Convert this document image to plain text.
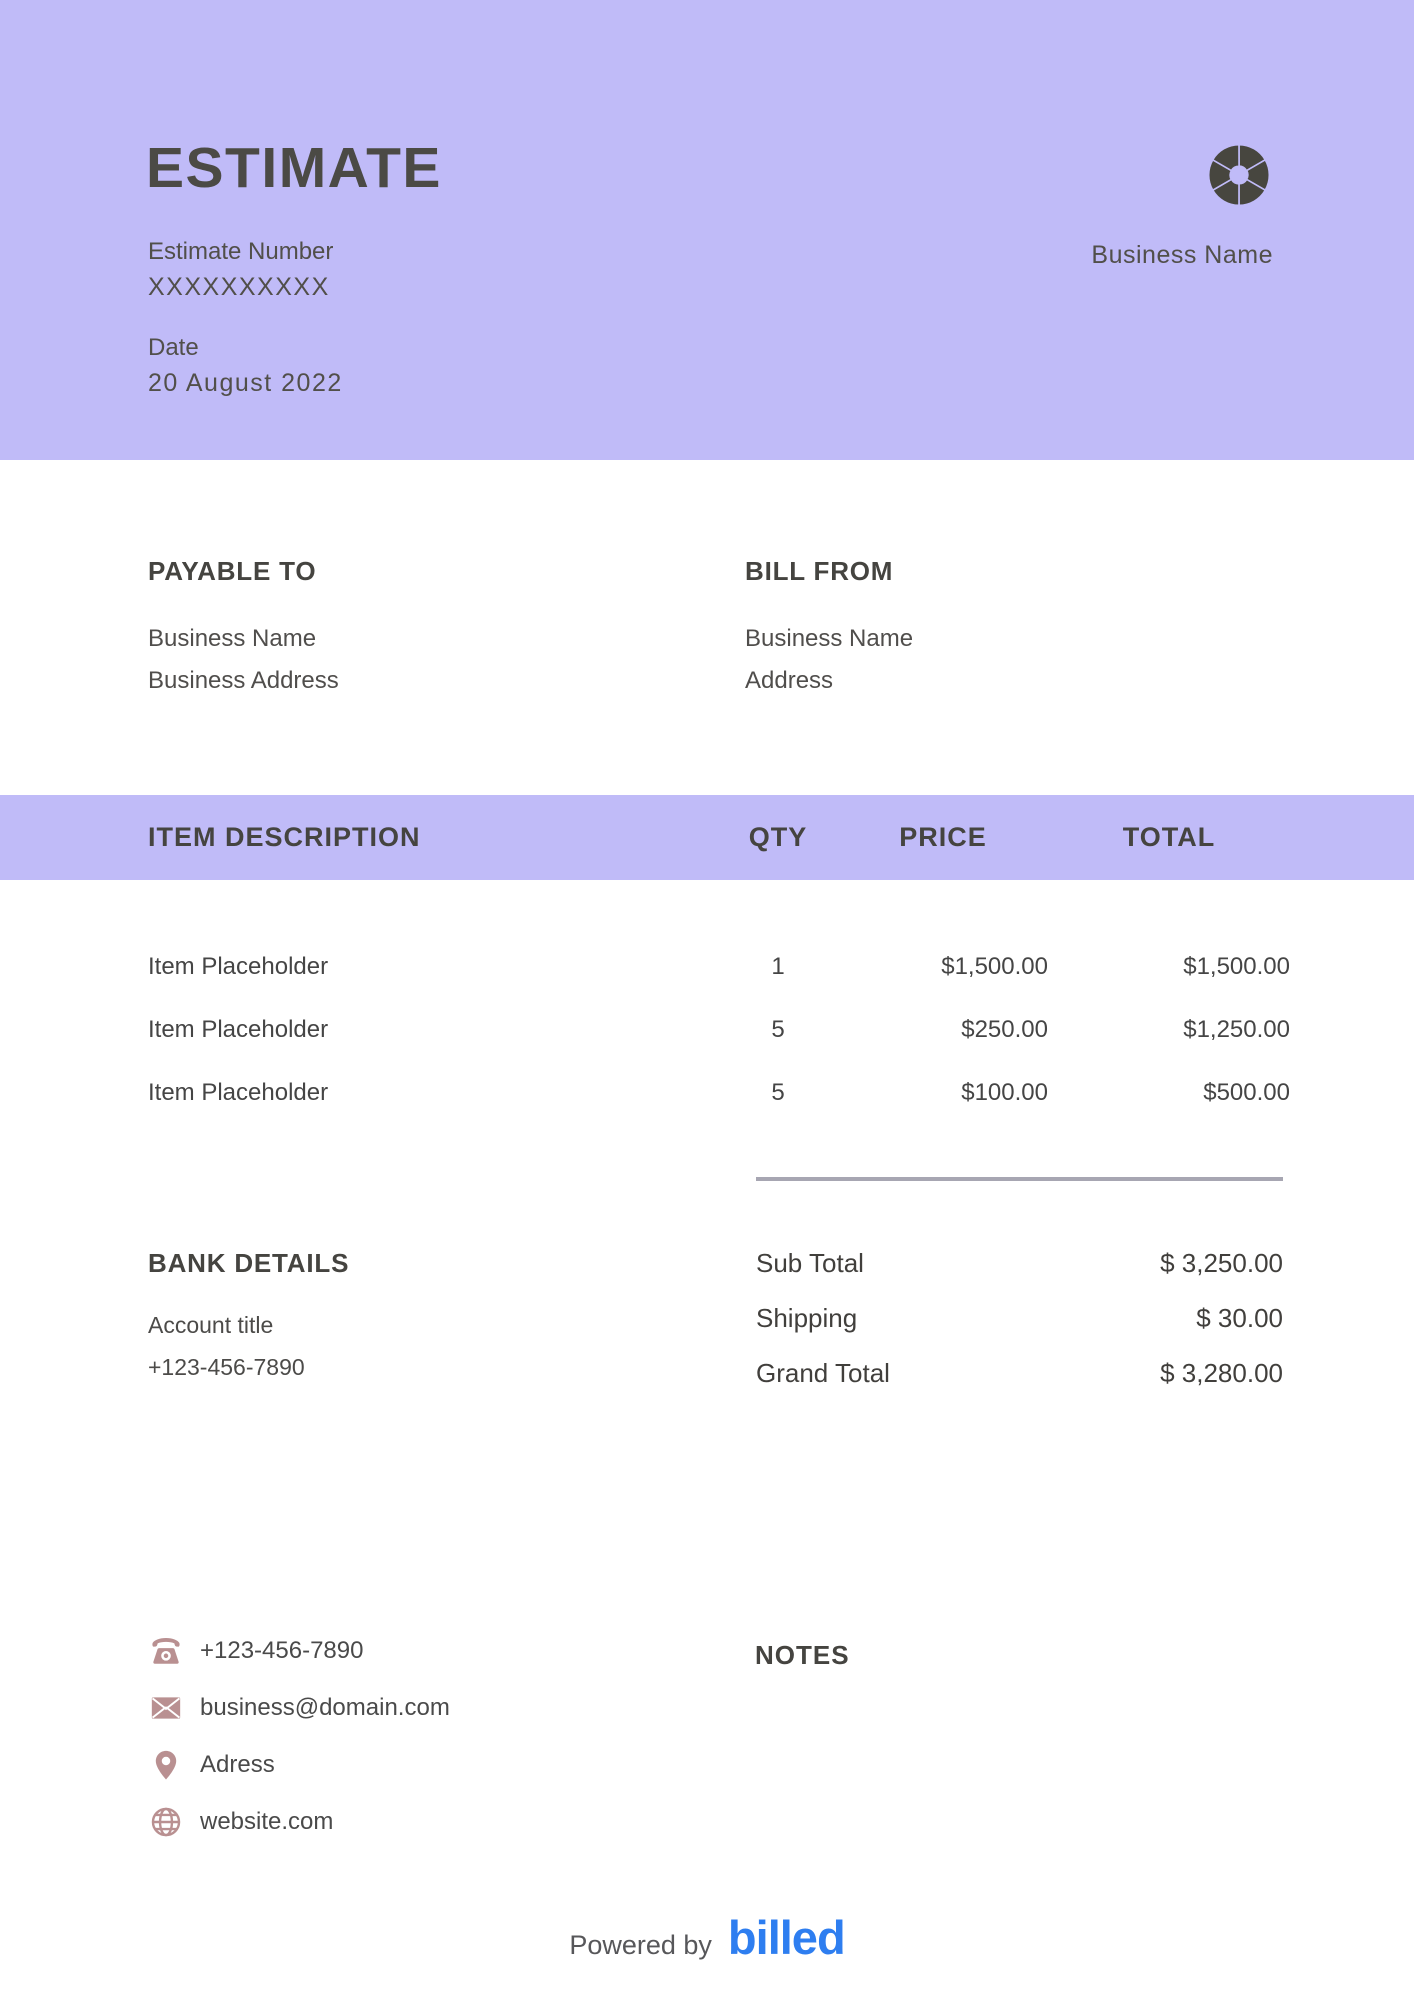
ESTIMATE
Estimate Number
XXXXXXXXXX
Date
20 August 2022
Business Name
PAYABLE TO
Business Name
Business Address
BILL FROM
Business Name
Address
ITEM DESCRIPTION	QTY	PRICE	TOTAL
Item Placeholder	1	$1,500.00	$1,500.00
Item Placeholder	5	$250.00	$1,250.00
Item Placeholder	5	$100.00	$500.00
BANK DETAILS
Account title
+123-456-7890
Sub Total	$ 3,250.00
Shipping	$ 30.00
Grand Total	$ 3,280.00
+123-456-7890
business@domain.com
Adress
website.com
NOTES
Powered by billed
